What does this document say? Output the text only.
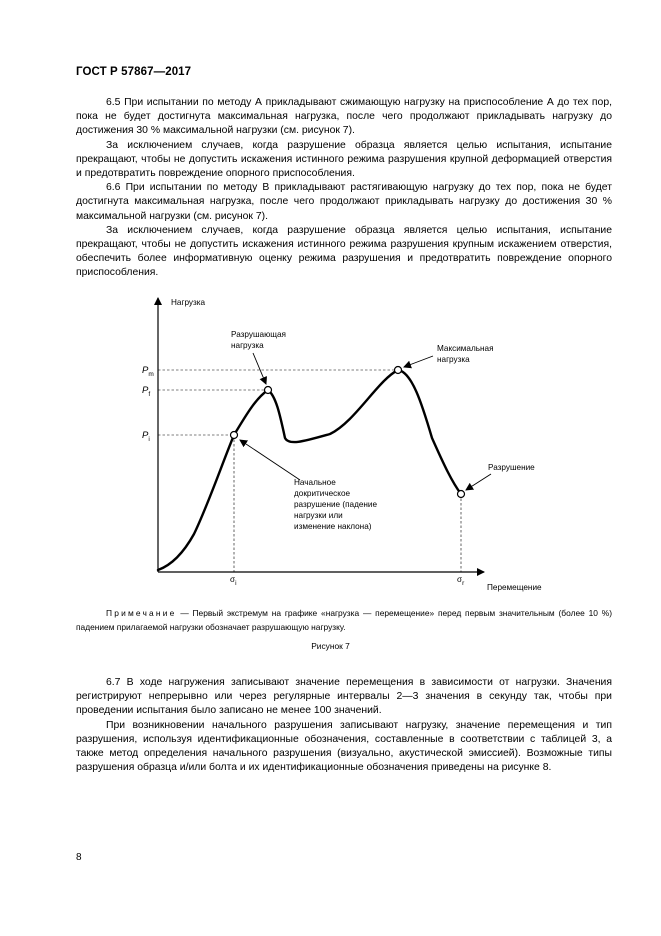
ГОСТ Р 57867—2017

6.5 При испытании по методу А прикладывают сжимающую нагрузку на приспособление А до тех пор, пока не будет достигнута максимальная нагрузка, после чего продолжают прикладывать нагрузку до достижения 30 % максимальной нагрузки (см. рисунок 7).

За исключением случаев, когда разрушение образца является целью испытания, испытание прекращают, чтобы не допустить искажения истинного режима разрушения крупной деформацией отверстия и предотвратить повреждение опорного приспособления.

6.6 При испытании по методу В прикладывают растягивающую нагрузку до тех пор, пока не будет достигнута максимальная нагрузка, после чего продолжают прикладывать нагрузку до достижения 30 % максимальной нагрузки (см. рисунок 7).

За исключением случаев, когда разрушение образца является целью испытания, испытание прекращают, чтобы не допустить искажения истинного режима разрушения крупным искажением отверстия, обеспечить более информативную оценку режима разрушения и предотвратить повреждение опорного приспособления.

Нагрузка
Перемещение
$P_m$
$P_f$
$P_i$
$\sigma_i$	$\sigma_r$
Разрушающая нагрузка	Максимальная нагрузка
Разрушение
Начальное докритическое разрушение (падение нагрузки или изменение наклона)
Примечание — Первый экстремум на графике «нагрузка — перемещение» перед первым значительным (более 10 %) падением прилагаемой нагрузки обозначает разрушающую нагрузку.
Рисунок 7

6.7 В ходе нагружения записывают значение перемещения в зависимости от нагрузки. Значения регистрируют непрерывно или через регулярные интервалы 2—3 значения в секунду так, чтобы при проведении испытания было записано не менее 100 значений.

При возникновении начального разрушения записывают нагрузку, значение перемещения и тип разрушения, используя идентификационные обозначения, составленные в соответствии с таблицей 3, а также метод определения начального разрушения (визуально, акустической эмиссией). Возможные типы разрушения образца и/или болта и их идентификационные обозначения приведены на рисунке 8.

8
